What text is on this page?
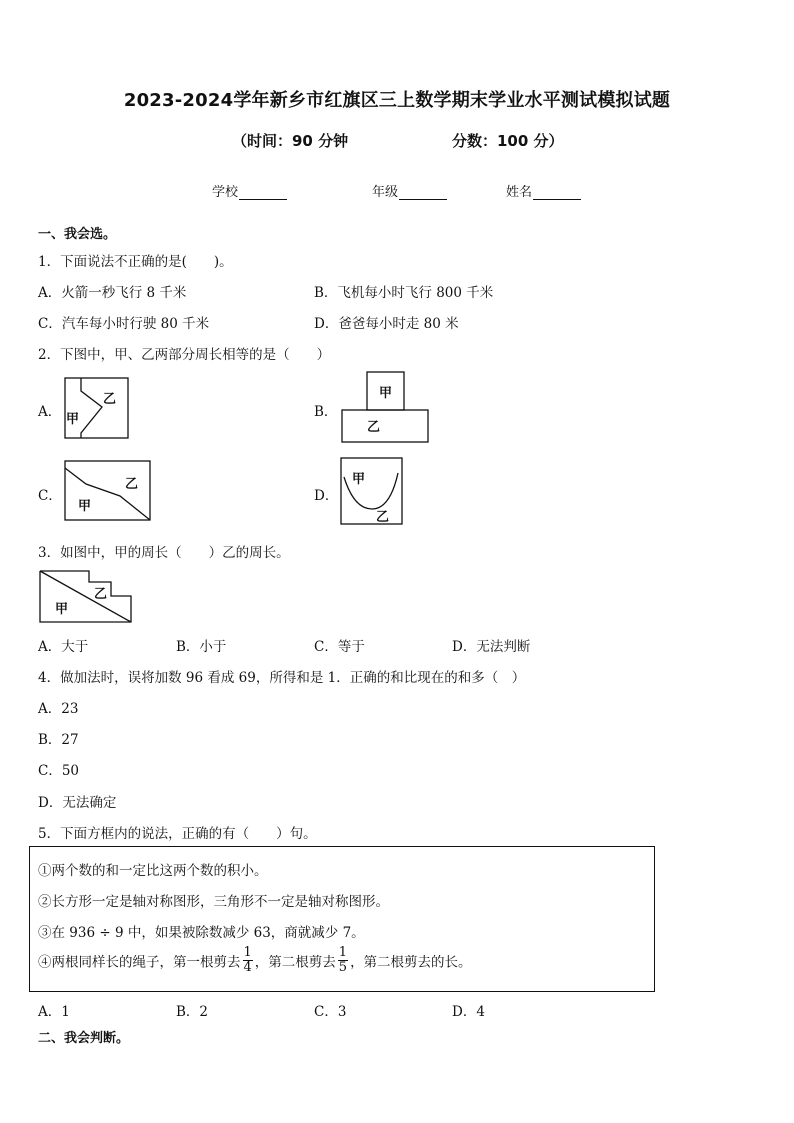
2023-2024学年新乡市红旗区三上数学期末学业水平测试模拟试题
（时间：90 分钟	分数：100 分）
学校	年级	姓名
一、我会选。
1．下面说法不正确的是(　　)。
A．火箭一秒飞行 8 千米	B．飞机每小时飞行 800 千米
C．汽车每小时行驶 80 千米	D．爸爸每小时走 80 米
2．下图中，甲、乙两部分周长相等的是（　　）
A． 甲
乙
B．
甲
乙
C．
甲
乙
D．
甲
乙
3．如图中，甲的周长（　　）乙的周长。
甲
乙
A．大于	B．小于	C．等于	D．无法判断
4．做加法时，误将加数 96 看成 69，所得和是 1．正确的和比现在的和多（　）
A．23
B．27
C．50
D．无法确定
5．下面方框内的说法，正确的有（　　）句。
①两个数的和一定比这两个数的积小。
②长方形一定是轴对称图形，三角形不一定是轴对称图形。
③在 936 ÷ 9 中，如果被除数减少 63，商就减少 7。
④两根同样长的绳子，第一根剪去 $\frac{1}{4}$ ，第二根剪去 $\frac{1}{5}$ ，第二根剪去的长。
A．1	B．2	C．3	D．4
二、我会判断。
